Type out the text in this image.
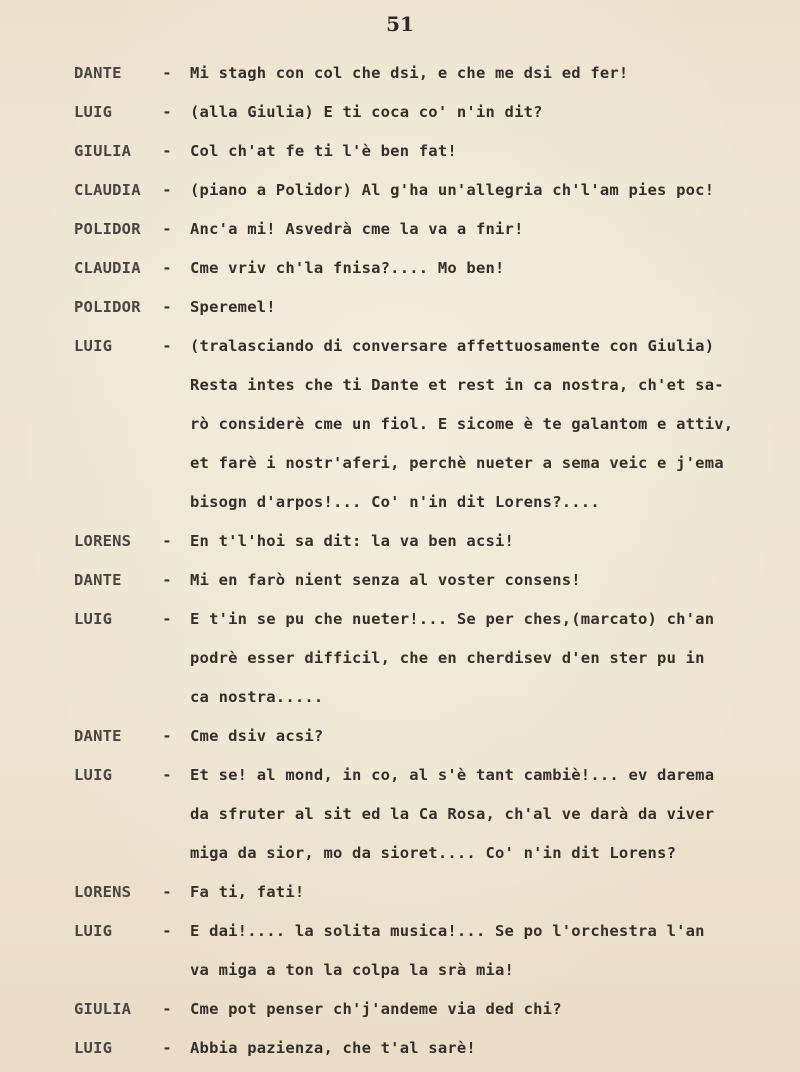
51
DANTE	- Mi stagh con col che dsi, e che me dsi ed fer!
LUIG	- (alla Giulia) E ti coca co' n'in dit?
GIULIA	- Col ch'at fe ti l'è ben fat!
CLAUDIA	- (piano a Polidor) Al g'ha un'allegria ch'l'am pies poc!
POLIDOR	- Anc'a mi! Asvedrà cme la va a fnir!
CLAUDIA	- Cme vriv ch'la fnisa?.... Mo ben!
POLIDOR	- Speremel!
LUIG	- (tralasciando di conversare affettuosamente con Giulia)
Resta intes che ti Dante et rest in ca nostra, ch'et sa-
rò considerè cme un fiol. E sicome è te galantom e attiv,
et farè i nostr'aferi, perchè nueter a sema veic e j'ema
bisogn d'arpos!... Co' n'in dit Lorens?....
LORENS	- En t'l'hoi sa dit: la va ben acsi!
DANTE	- Mi en farò nient senza al voster consens!
LUIG	- E t'in se pu che nueter!... Se per ches,(marcato) ch'an
podrè esser difficil, che en cherdisev d'en ster pu in
ca nostra.....
DANTE	- Cme dsiv acsi?
LUIG	- Et se! al mond, in co, al s'è tant cambiè!... ev darema
da sfruter al sit ed la Ca Rosa, ch'al ve darà da viver
miga da sior, mo da sioret.... Co' n'in dit Lorens?
LORENS	- Fa ti, fati!
LUIG	- E dai!.... la solita musica!... Se po l'orchestra l'an
va miga a ton la colpa la srà mia!
GIULIA	- Cme pot penser ch'j'andeme via ded chi?
LUIG	- Abbia pazienza, che t'al sarè!
